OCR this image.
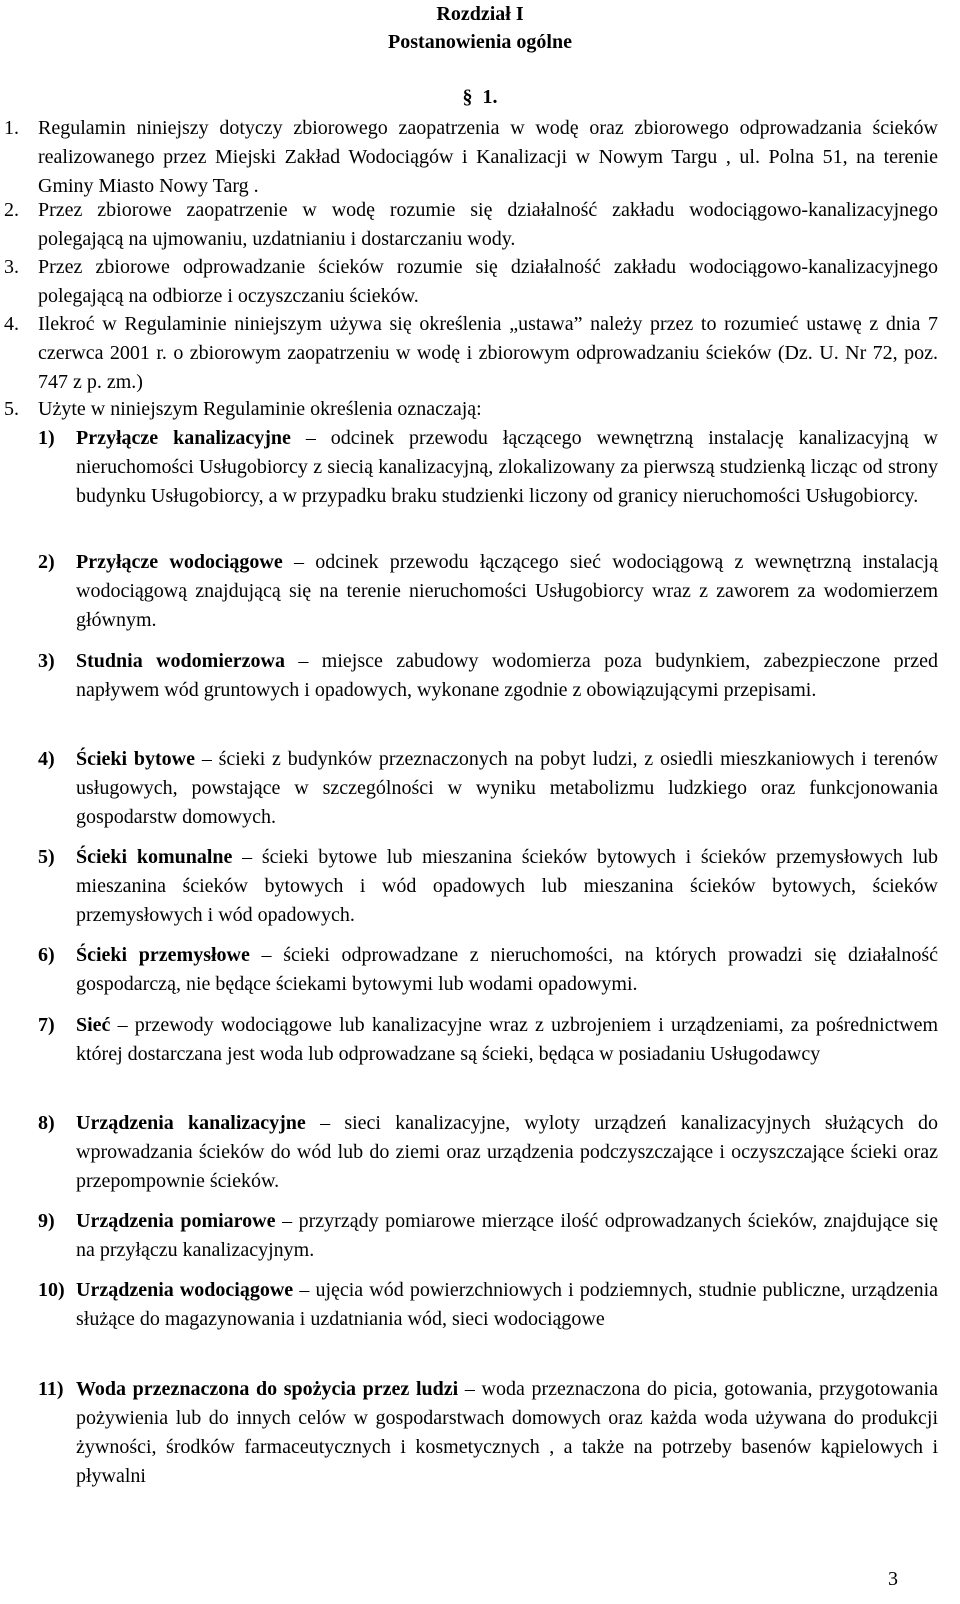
Rozdział I
Postanowienia ogólne
§ 1.
1. Regulamin niniejszy dotyczy zbiorowego zaopatrzenia w wodę oraz zbiorowego odprowadzania ścieków realizowanego przez Miejski Zakład Wodociągów i Kanalizacji w Nowym Targu , ul. Polna 51, na terenie Gminy Miasto Nowy Targ .
2. Przez zbiorowe zaopatrzenie w wodę rozumie się działalność zakładu wodociągowo-kanalizacyjnego polegającą na ujmowaniu, uzdatnianiu i dostarczaniu wody.
3. Przez zbiorowe odprowadzanie ścieków rozumie się działalność zakładu wodociągowo-kanalizacyjnego polegającą na odbiorze i oczyszczaniu ścieków.
4. Ilekroć w Regulaminie niniejszym używa się określenia „ustawa” należy przez to rozumieć ustawę z dnia 7 czerwca 2001 r. o zbiorowym zaopatrzeniu w wodę i zbiorowym odprowadzaniu ścieków (Dz. U. Nr 72, poz. 747 z p. zm.)
5. Użyte w niniejszym Regulaminie określenia oznaczają:
1)	Przyłącze kanalizacyjne – odcinek przewodu łączącego wewnętrzną instalację kanalizacyjną w nieruchomości Usługobiorcy z siecią kanalizacyjną, zlokalizowany za pierwszą studzienką licząc od strony budynku Usługobiorcy, a w przypadku braku studzienki liczony od granicy nieruchomości Usługobiorcy.
2)	Przyłącze wodociągowe – odcinek przewodu łączącego sieć wodociągową z wewnętrzną instalacją wodociągową znajdującą się na terenie nieruchomości Usługobiorcy wraz z zaworem za wodomierzem głównym.
3)	Studnia wodomierzowa – miejsce zabudowy wodomierza poza budynkiem, zabezpieczone przed napływem wód gruntowych i opadowych, wykonane zgodnie z obowiązującymi przepisami.
4)	Ścieki bytowe – ścieki z budynków przeznaczonych na pobyt ludzi, z osiedli mieszkaniowych i terenów usługowych, powstające w szczególności w wyniku metabolizmu ludzkiego oraz funkcjonowania gospodarstw domowych.
5)	Ścieki komunalne – ścieki bytowe lub mieszanina ścieków bytowych i ścieków przemysłowych lub mieszanina ścieków bytowych i wód opadowych lub mieszanina ścieków bytowych, ścieków przemysłowych i wód opadowych.
6)	Ścieki przemysłowe – ścieki odprowadzane z nieruchomości, na których prowadzi się działalność gospodarczą, nie będące ściekami bytowymi lub wodami opadowymi.
7)	Sieć – przewody wodociągowe lub kanalizacyjne wraz z uzbrojeniem i urządzeniami, za pośrednictwem której dostarczana jest woda lub odprowadzane są ścieki, będąca w posiadaniu Usługodawcy
8)	Urządzenia kanalizacyjne – sieci kanalizacyjne, wyloty urządzeń kanalizacyjnych służących do wprowadzania ścieków do wód lub do ziemi oraz urządzenia podczyszczające i oczyszczające ścieki oraz przepompownie ścieków.
9)	Urządzenia pomiarowe – przyrządy pomiarowe mierzące ilość odprowadzanych ścieków, znajdujące się na przyłączu kanalizacyjnym.
10) Urządzenia wodociągowe – ujęcia wód powierzchniowych i podziemnych, studnie publiczne, urządzenia służące do magazynowania i uzdatniania wód, sieci wodociągowe
11) Woda przeznaczona do spożycia przez ludzi – woda przeznaczona do picia, gotowania, przygotowania pożywienia lub do innych celów w gospodarstwach domowych oraz każda woda używana do produkcji żywności, środków farmaceutycznych i kosmetycznych , a także na potrzeby basenów kąpielowych i pływalni
3
